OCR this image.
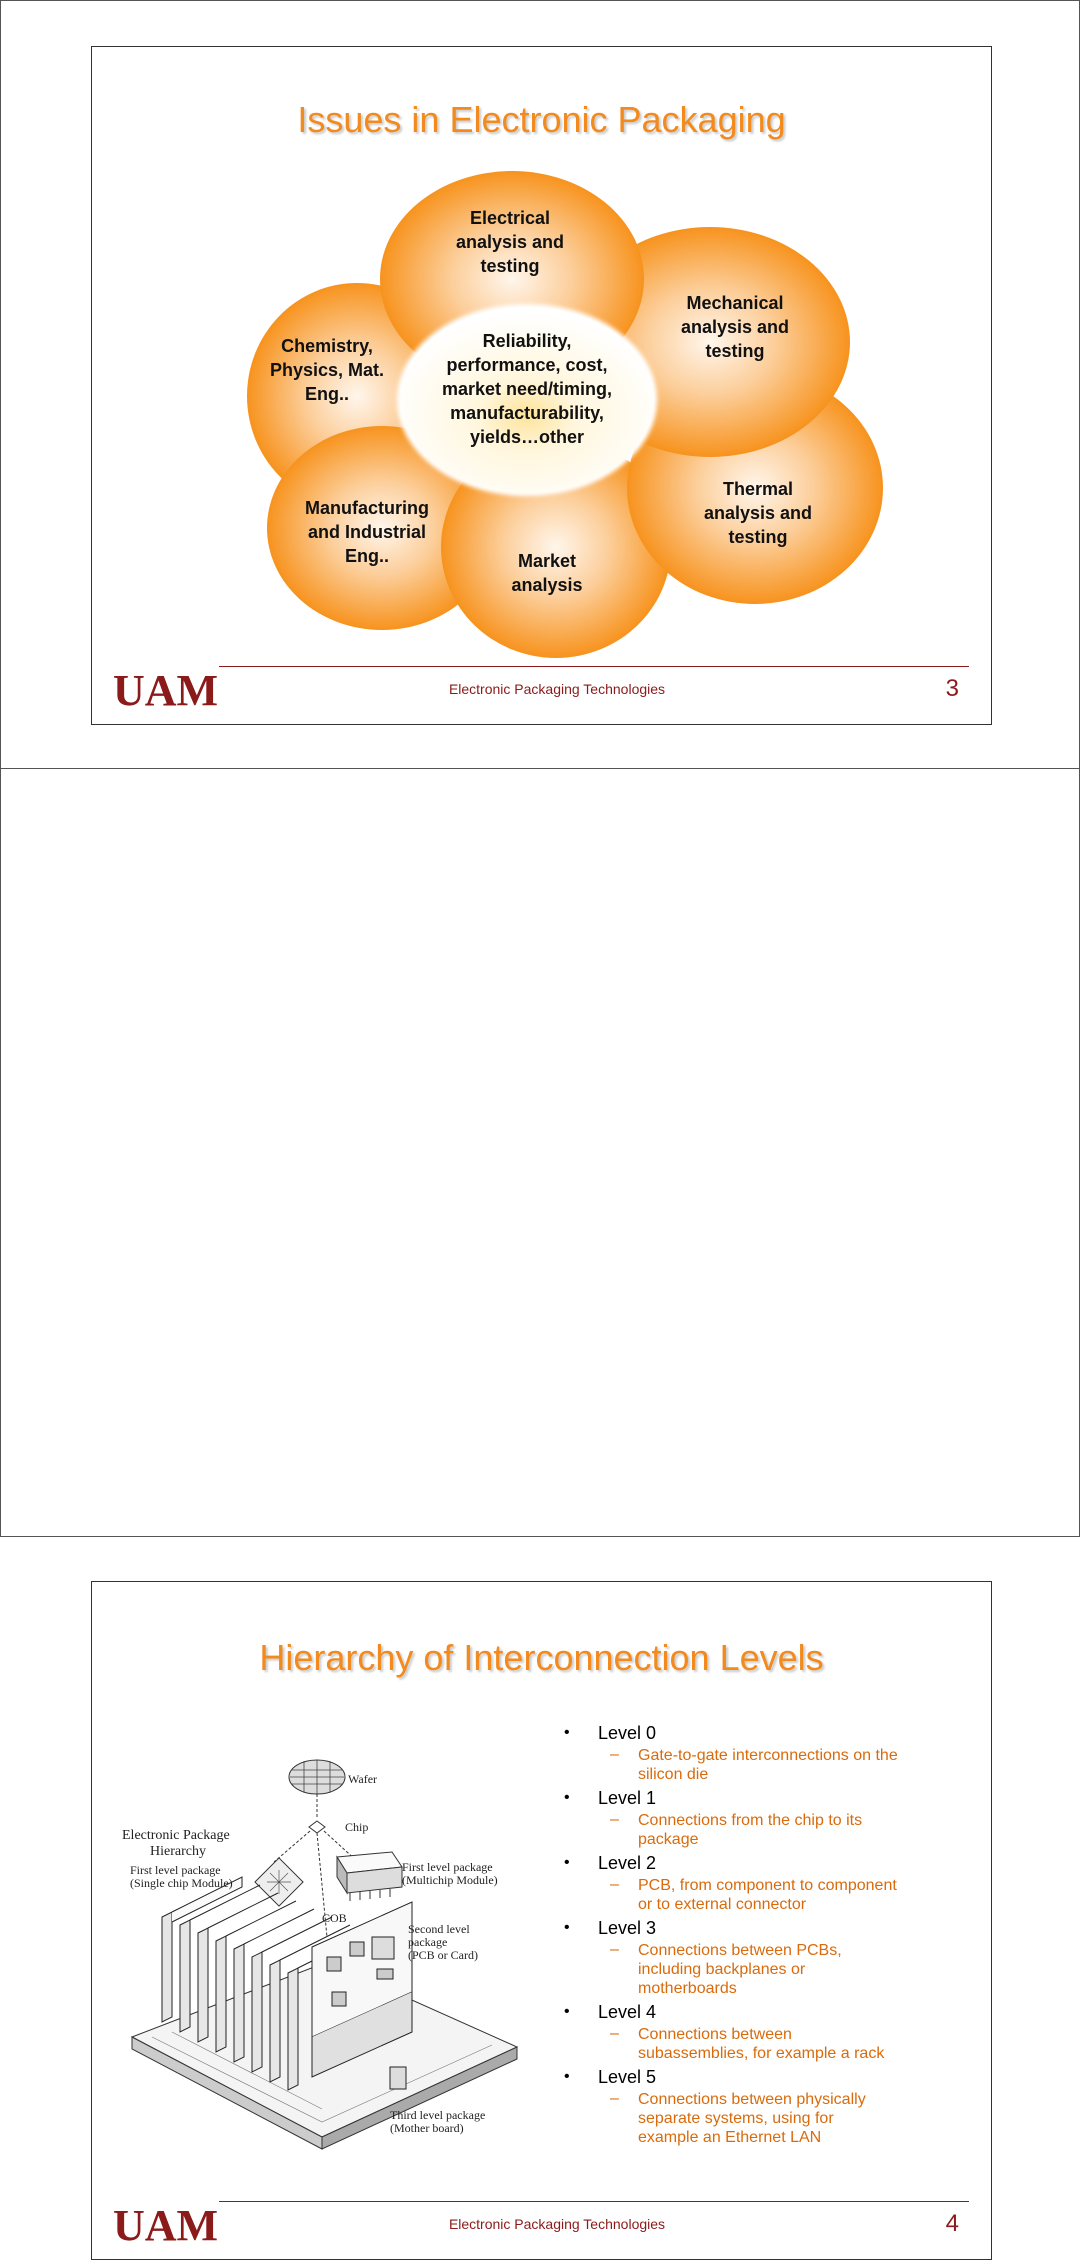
Issues in Electronic Packaging
Electrical analysis and testing
Mechanical analysis and testing
Thermal analysis and testing
Market analysis
Manufacturing and Industrial Eng..
Chemistry, Physics, Mat. Eng..
Reliability, performance, cost, market need/timing, manufacturability, yields…other
UAM	Electronic Packaging Technologies	3
Hierarchy of Interconnection Levels
Electronic Package
Hierarchy
Wafer
Chip
First level package
(Single chip Module)
First level package
(Multichip Module)
COB
Second level
package
(PCB or Card)
Third level package
(Mother board)
• Level 0
– Gate-to-gate interconnections on the
silicon die
• Level 1
– Connections from the chip to its
package
• Level 2
– PCB, from component to component
or to external connector
• Level 3
– Connections between PCBs,
including backplanes or
motherboards
• Level 4
– Connections between
subassemblies, for example a rack
• Level 5
– Connections between physically
separate systems, using for
example an Ethernet LAN
UAM	Electronic Packaging Technologies	4
